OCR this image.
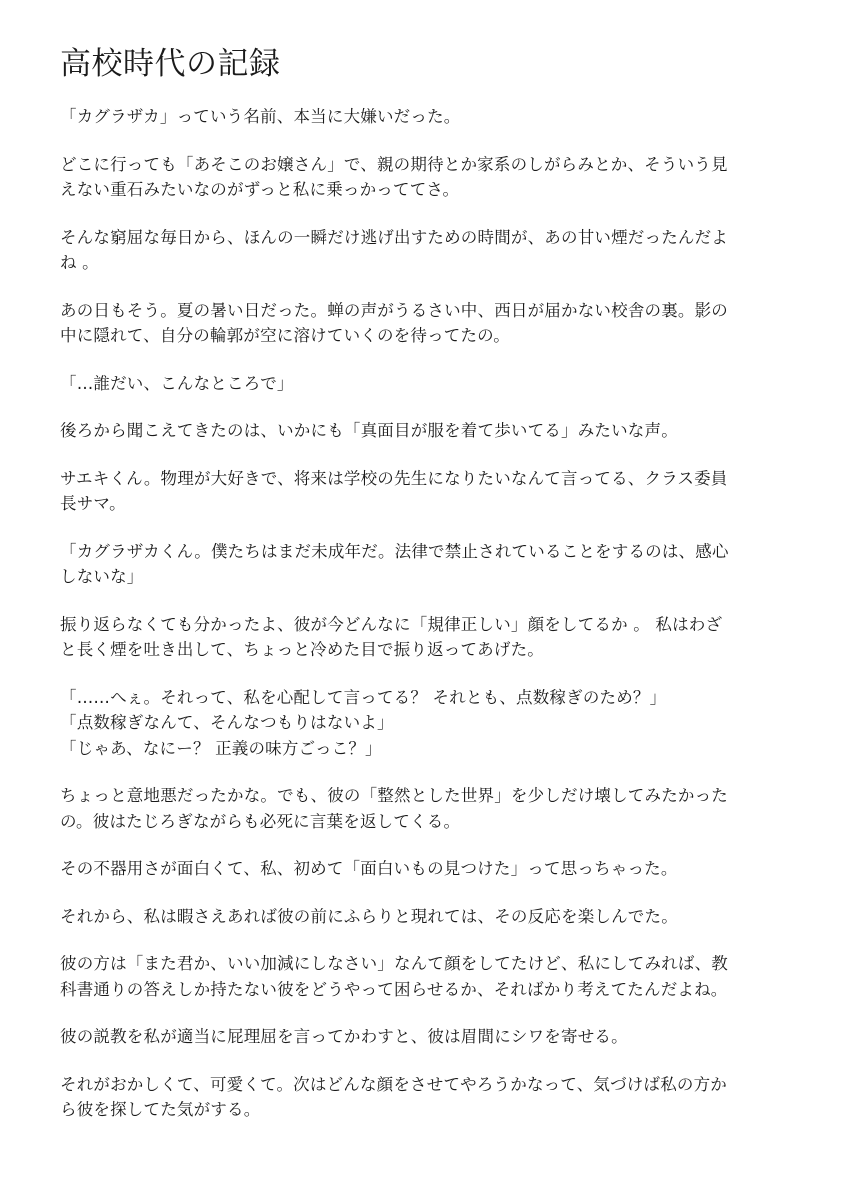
高校時代の記録
「カグラザカ」っていう名前、本当に大嫌いだった。
どこに行っても「あそこのお嬢さん」で、親の期待とか家系のしがらみとか、そういう見
えない重石みたいなのがずっと私に乗っかっててさ。
そんな窮屈な毎日から、ほんの一瞬だけ逃げ出すための時間が、あの甘い煙だったんだよ
ね 。
あの日もそう。夏の暑い日だった。蝉の声がうるさい中、西日が届かない校舎の裏。影の
中に隠れて、自分の輪郭が空に溶けていくのを待ってたの。
「…誰だい、こんなところで」
後ろから聞こえてきたのは、いかにも「真面目が服を着て歩いてる」みたいな声。
サエキくん。物理が大好きで、将来は学校の先生になりたいなんて言ってる、クラス委員
長サマ。
「カグラザカくん。僕たちはまだ未成年だ。法律で禁止されていることをするのは、感心
しないな」
振り返らなくても分かったよ、彼が今どんなに「規律正しい」顔をしてるか 。 私はわざ
と長く煙を吐き出して、ちょっと冷めた目で振り返ってあげた。
「……へぇ。それって、私を心配して言ってる？ それとも、点数稼ぎのため？」
「点数稼ぎなんて、そんなつもりはないよ」
「じゃあ、なにー？ 正義の味方ごっこ？」
ちょっと意地悪だったかな。でも、彼の「整然とした世界」を少しだけ壊してみたかった
の。彼はたじろぎながらも必死に言葉を返してくる。
その不器用さが面白くて、私、初めて「面白いもの見つけた」って思っちゃった。
それから、私は暇さえあれば彼の前にふらりと現れては、その反応を楽しんでた。
彼の方は「また君か、いい加減にしなさい」なんて顔をしてたけど、私にしてみれば、教
科書通りの答えしか持たない彼をどうやって困らせるか、そればかり考えてたんだよね。
彼の説教を私が適当に屁理屈を言ってかわすと、彼は眉間にシワを寄せる。
それがおかしくて、可愛くて。次はどんな顔をさせてやろうかなって、気づけば私の方か
ら彼を探してた気がする。
